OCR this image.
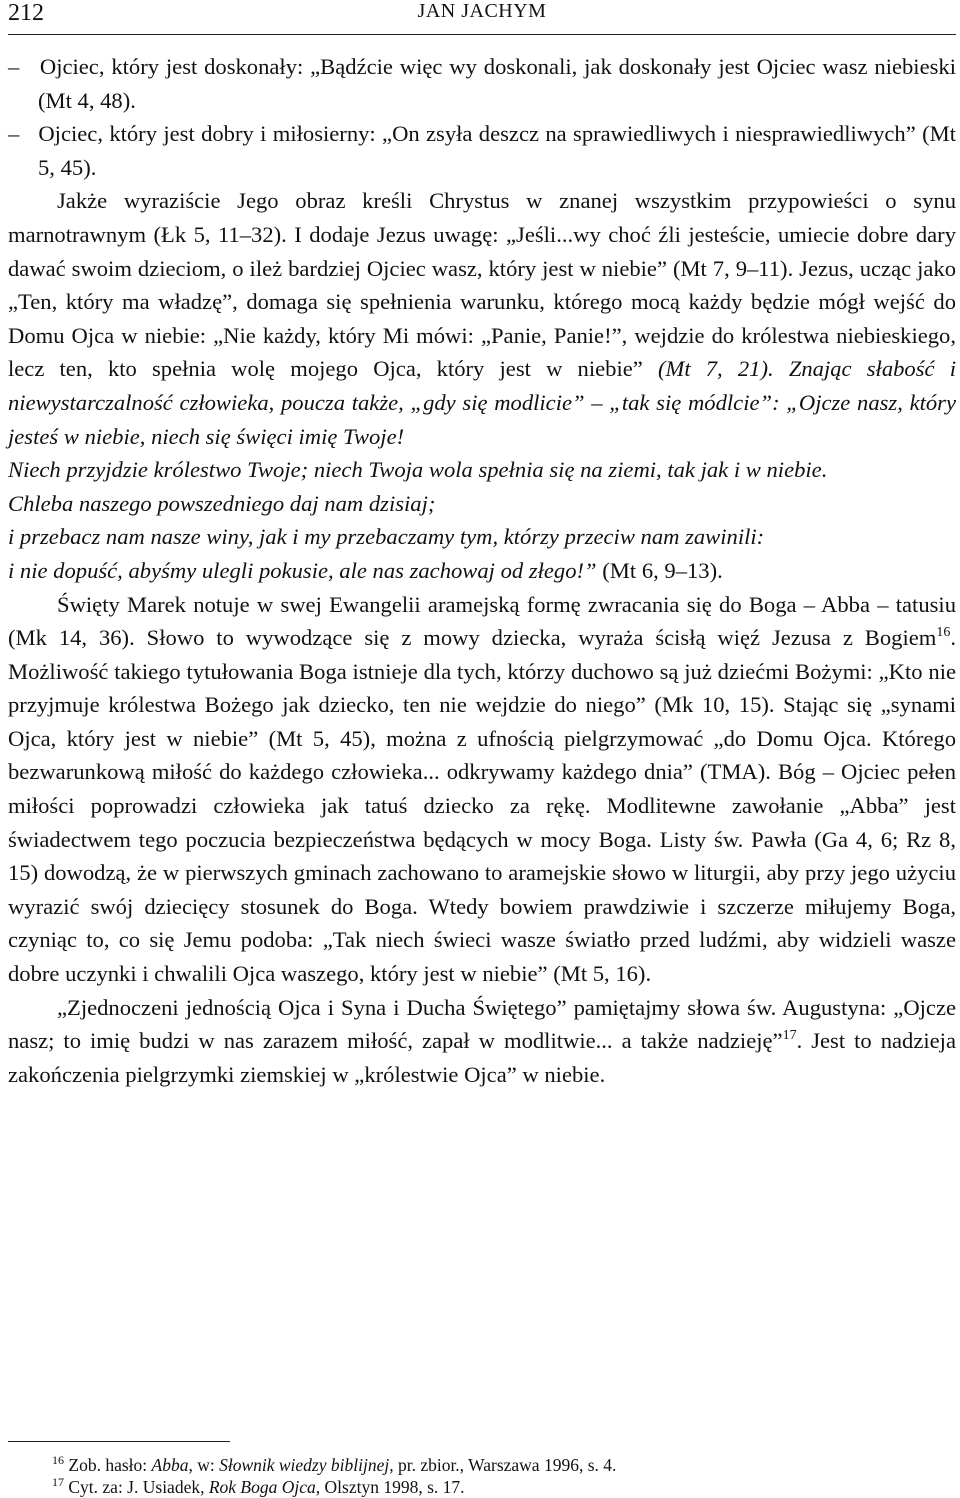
212	JAN JACHYM

– Ojciec, który jest doskonały: „Bądźcie więc wy doskonali, jak doskonały jest Ojciec wasz niebieski (Mt 4, 48).

– Ojciec, który jest dobry i miłosierny: „On zsyła deszcz na sprawiedliwych i niesprawiedliwych” (Mt 5, 45).

Jakże wyraziście Jego obraz kreśli Chrystus w znanej wszystkim przypowieści o synu marnotrawnym (Łk 5, 11–32). I dodaje Jezus uwagę: „Jeśli...wy choć źli jesteście, umiecie dobre dary dawać swoim dzieciom, o ileż bardziej Ojciec wasz, który jest w niebie” (Mt 7, 9–11). Jezus, ucząc jako „Ten, który ma władzę”, domaga się spełnienia warunku, którego mocą każdy będzie mógł wejść do Domu Ojca w niebie: „Nie każdy, który Mi mówi: „Panie, Panie!”, wejdzie do królestwa niebieskiego, lecz ten, kto spełnia wolę mojego Ojca, który jest w niebie” (Mt 7, 21). Znając słabość i niewystarczalność człowieka, poucza także, „gdy się modlicie” – „tak się módlcie”: „Ojcze nasz, który jesteś w niebie, niech się święci imię Twoje!

Niech przyjdzie królestwo Twoje; niech Twoja wola spełnia się na ziemi, tak jak i w niebie.

Chleba naszego powszedniego daj nam dzisiaj;

i przebacz nam nasze winy, jak i my przebaczamy tym, którzy przeciw nam zawinili:

i nie dopuść, abyśmy ulegli pokusie, ale nas zachowaj od złego!” (Mt 6, 9–13).

Święty Marek notuje w swej Ewangelii aramejską formę zwracania się do Boga – Abba – tatusiu (Mk 14, 36). Słowo to wywodzące się z mowy dziecka, wyraża ścisłą więź Jezusa z Bogiem$^{16}$. Możliwość takiego tytułowania Boga istnieje dla tych, którzy duchowo są już dziećmi Bożymi: „Kto nie przyjmuje królestwa Bożego jak dziecko, ten nie wejdzie do niego” (Mk 10, 15). Stając się „synami Ojca, który jest w niebie” (Mt 5, 45), można z ufnością pielgrzymować „do Domu Ojca. Którego bezwarunkową miłość do każdego człowieka... odkrywamy każdego dnia” (TMA). Bóg – Ojciec pełen miłości poprowadzi człowieka jak tatuś dziecko za rękę. Modlitewne zawołanie „Abba” jest świadectwem tego poczucia bezpieczeństwa będących w mocy Boga. Listy św. Pawła (Ga 4, 6; Rz 8, 15) dowodzą, że w pierwszych gminach zachowano to aramejskie słowo w liturgii, aby przy jego użyciu wyrazić swój dziecięcy stosunek do Boga. Wtedy bowiem prawdziwie i szczerze miłujemy Boga, czyniąc to, co się Jemu podoba: „Tak niech świeci wasze światło przed ludźmi, aby widzieli wasze dobre uczynki i chwalili Ojca waszego, który jest w niebie” (Mt 5, 16).

„Zjednoczeni jednością Ojca i Syna i Ducha Świętego” pamiętajmy słowa św. Augustyna: „Ojcze nasz; to imię budzi w nas zarazem miłość, zapał w modlitwie... a także nadzieję”$^{17}$. Jest to nadzieja zakończenia pielgrzymki ziemskiej w „królestwie Ojca” w niebie.

$^{16}$ Zob. hasło: Abba, w: Słownik wiedzy biblijnej, pr. zbior., Warszawa 1996, s. 4.

$^{17}$ Cyt. za: J. Usiadek, Rok Boga Ojca, Olsztyn 1998, s. 17.
